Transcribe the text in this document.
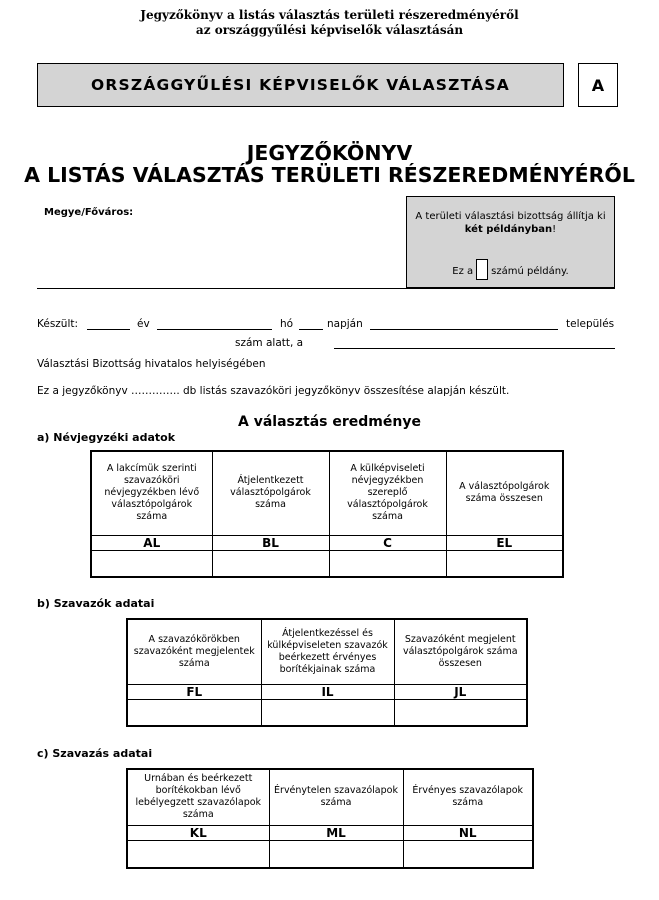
Jegyzőkönyv a listás választás területi részeredményéről
az országgyűlési képviselők választásán
ORSZÁGGYŰLÉSI KÉPVISELŐK VÁLASZTÁSA	A
JEGYZŐKÖNYV
A LISTÁS VÁLASZTÁS TERÜLETI RÉSZEREDMÉNYÉRŐL
Megye/Főváros:	A területi választási bizottság állítja ki
két példányban!
Ez a számú példány.
Készült:	év	hó	napján	település
szám alatt, a
Választási Bizottság hivatalos helyiségében
Ez a jegyzőkönyv ………….. db listás szavazóköri jegyzőkönyv összesítése alapján készült.
A választás eredménye
a) Névjegyzéki adatok
A lakcímük szerinti szavazóköri névjegyzékben lévő választópolgárok száma	Átjelentkezett választópolgárok száma	A külképviseleti névjegyzékben szereplő választópolgárok száma	A választópolgárok száma összesen
AL	BL	C	EL

b) Szavazók adatai
A szavazókörökben szavazóként megjelentek száma	Átjelentkezéssel és külképviseleten szavazók beérkezett érvényes borítékjainak száma	Szavazóként megjelent választópolgárok száma összesen
FL	IL	JL

c) Szavazás adatai
Urnában és beérkezett borítékokban lévő lebélyegzett szavazólapok száma	Érvénytelen szavazólapok száma	Érvényes szavazólapok száma
KL	ML	NL
